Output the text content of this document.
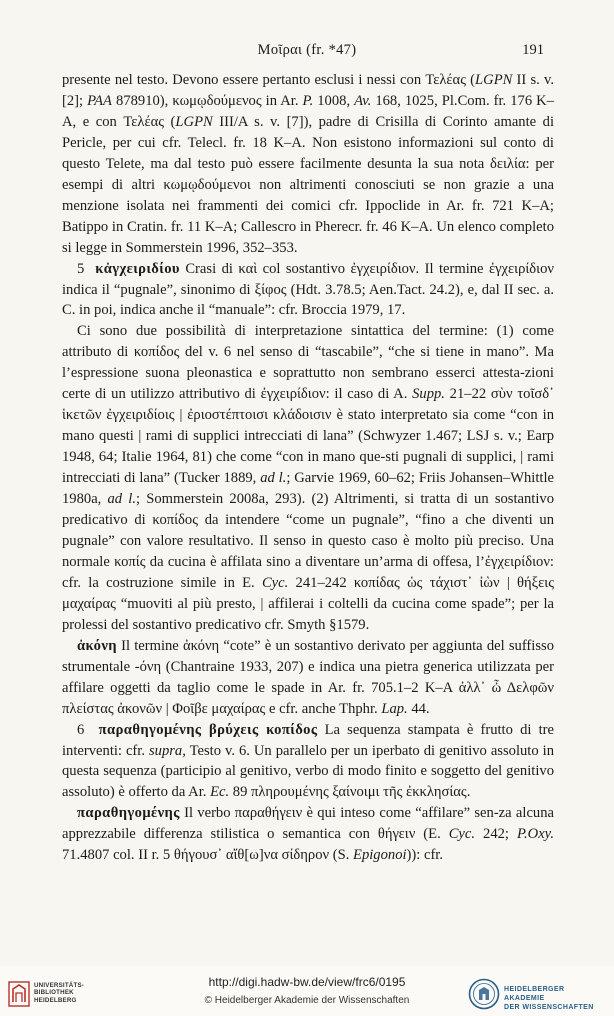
Μοῖραι (fr. *47)	191

presente nel testo. Devono essere pertanto esclusi i nessi con Τελέας (LGPN II s. v. [2]; PAA 878910), κωμῳδούμενος in Ar. P. 1008, Av. 168, 1025, Pl.Com. fr. 176 K–A, e con Τελέας (LGPN III/A s. v. [7]), padre di Crisilla di Corinto amante di Pericle, per cui cfr. Telecl. fr. 18 K–A. Non esistono informazioni sul conto di questo Telete, ma dal testo può essere facilmente desunta la sua nota δειλία: per esempi di altri κωμῳδούμενοι non altrimenti conosciuti se non grazie a una menzione isolata nei frammenti dei comici cfr. Ippoclide in Ar. fr. 721 K–A; Batippo in Cratin. fr. 11 K–A; Callescro in Pherecr. fr. 46 K–A. Un elenco completo si legge in Sommerstein 1996, 352–353.

5 κἀγχειριδίου Crasi di καὶ col sostantivo ἐγχειρίδιον. Il termine ἐγχειρίδιον indica il “pugnale”, sinonimo di ξίφος (Hdt. 3.78.5; Aen.Tact. 24.2), e, dal II sec. a. C. in poi, indica anche il “manuale”: cfr. Broccia 1979, 17.

Ci sono due possibilità di interpretazione sintattica del termine: (1) come attributo di κοπίδος del v. 6 nel senso di “tascabile”, “che si tiene in mano”. Ma l’espressione suona pleonastica e soprattutto non sembrano esserci attesta-zioni certe di un utilizzo attributivo di ἐγχειρίδιον: il caso di A. Supp. 21–22 σὺν τοῖσδ᾽ ἱκετῶν ἐγχειριδίοις | ἐριοστέπτοισι κλάδοισιν è stato interpretato sia come “con in mano questi | rami di supplici intrecciati di lana” (Schwyzer 1.467; LSJ s. v.; Earp 1948, 64; Italie 1964, 81) che come “con in mano que-sti pugnali di supplici, | rami intrecciati di lana” (Tucker 1889, ad l.; Garvie 1969, 60–62; Friis Johansen–Whittle 1980a, ad l.; Sommerstein 2008a, 293). (2) Altrimenti, si tratta di un sostantivo predicativo di κοπίδος da intendere “come un pugnale”, “fino a che diventi un pugnale” con valore resultativo. Il senso in questo caso è molto più preciso. Una normale κοπίς da cucina è affilata sino a diventare un’arma di offesa, l’ἐγχειρίδιον: cfr. la costruzione simile in E. Cyc. 241–242 κοπίδας ὡς τάχιστ᾽ ἰὼν | θήξεις μαχαίρας “muoviti al più presto, | affilerai i coltelli da cucina come spade”; per la prolessi del sostantivo predicativo cfr. Smyth §1579.

ἀκόνη Il termine ἀκόνη “cote” è un sostantivo derivato per aggiunta del suffisso strumentale -όνη (Chantraine 1933, 207) e indica una pietra generica utilizzata per affilare oggetti da taglio come le spade in Ar. fr. 705.1–2 K–A ἀλλ᾽ ὦ Δελφῶν πλείστας ἀκονῶν | Φοῖβε μαχαίρας e cfr. anche Thphr. Lap. 44.

6 παραθηγομένης βρύχεις κοπίδος La sequenza stampata è frutto di tre interventi: cfr. supra, Testo v. 6. Un parallelo per un iperbato di genitivo assoluto in questa sequenza (participio al genitivo, verbo di modo finito e soggetto del genitivo assoluto) è offerto da Ar. Ec. 89 πληρουμένης ξαίνοιμι τῆς ἐκκλησίας.

παραθηγομένης Il verbo παραθήγειν è qui inteso come “affilare” sen-za alcuna apprezzabile differenza stilistica o semantica con θήγειν (E. Cyc. 242; P.Oxy. 71.4807 col. II r. 5 θήγουσ᾽ αἴθ[ω]να σίδηρον (S. Epigonoi)): cfr.

UNIVERSITÄTS-
BIBLIOTHEK
HEIDELBERG
http://digi.hadw-bw.de/view/frc6/0195
© Heidelberger Akademie der Wissenschaften
HEIDELBERGER AKADEMIE
DER WISSENSCHAFTEN
